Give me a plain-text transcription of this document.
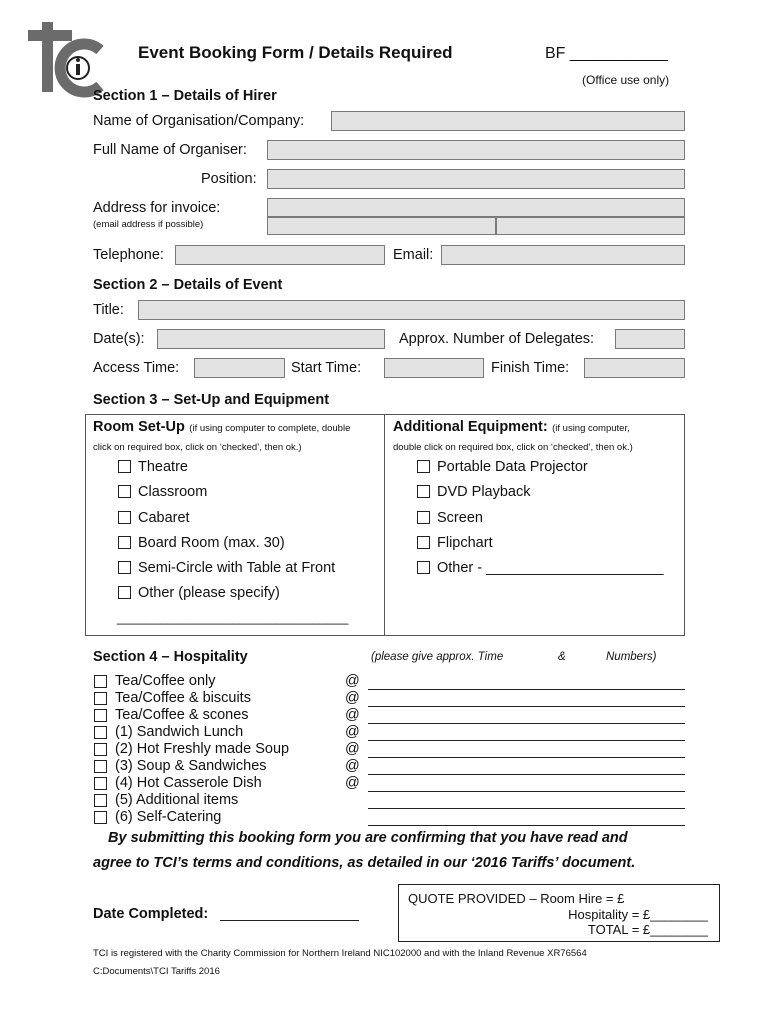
Event Booking Form / Details Required	BF ___________
(Office use only)
Section 1 – Details of Hirer
Name of Organisation/Company:
Full Name of Organiser:
Position:
Address for invoice:
(email address if possible)
Telephone:	Email:
Section 2 – Details of Event
Title:
Date(s):	Approx. Number of Delegates:
Access Time:	Start Time:	Finish Time:
Section 3 – Set-Up and Equipment
Room Set-Up (if using computer to complete, double
click on required box, click on ‘checked’, then ok.)
Theatre
Classroom
Cabaret
Board Room (max. 30)
Semi-Circle with Table at Front
Other (please specify)
________________________________
Additional Equipment: (if using computer,
double click on required box, click on ‘checked’, then ok.)
Portable Data Projector
DVD Playback
Screen
Flipchart
Other - ______________________
Section 4 – Hospitality	(please give approx. Time	&	Numbers)
Tea/Coffee only	@
Tea/Coffee & biscuits	@
Tea/Coffee & scones	@
(1) Sandwich Lunch	@
(2) Hot Freshly made Soup	@
(3) Soup & Sandwiches	@
(4) Hot Casserole Dish	@
(5) Additional items
(6) Self-Catering
By submitting this booking form you are confirming that you have read and
agree to TCI’s terms and conditions, as detailed in our ‘2016 Tariffs’ document.
Date Completed:
QUOTE PROVIDED – Room Hire = £
Hospitality = £________
TOTAL = £________
TCI is registered with the Charity Commission for Northern Ireland NIC102000 and with the Inland Revenue XR76564
C:Documents\TCI Tariffs 2016
